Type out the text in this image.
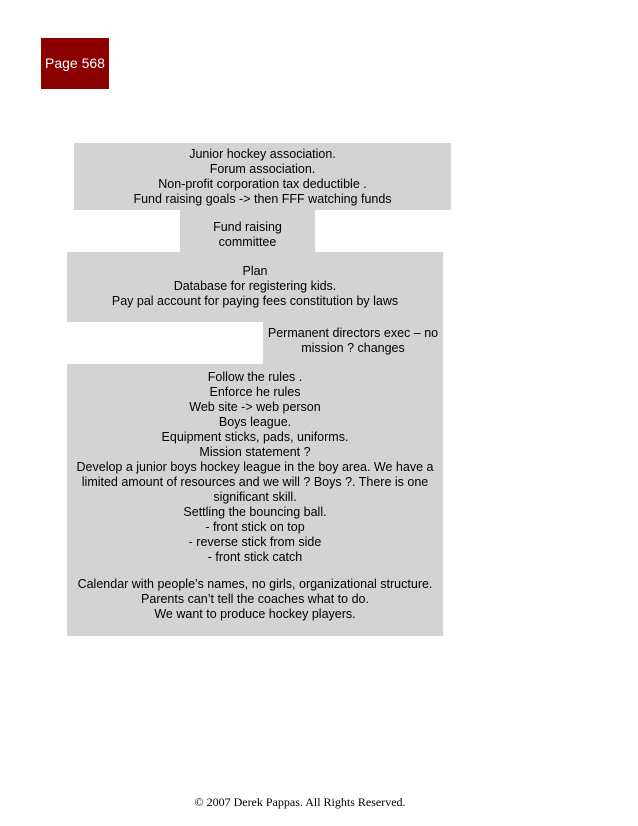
Page 568
Junior hockey association.
Forum association.
Non-profit corporation tax deductible .
Fund raising goals -> then FFF watching funds
Fund raising
committee
Plan
Database for registering kids.
Pay pal account for paying fees constitution by laws
Permanent directors exec – no
mission ? changes
Follow the rules .
Enforce he rules
Web site -> web person
Boys league.
Equipment sticks, pads, uniforms.
Mission statement ?
Develop a junior boys hockey league in the boy area. We have a
limited amount of resources and we will ? Boys ?. There is one
significant skill.
Settling the bouncing ball.
- front stick on top
- reverse stick from side
- front stick catch
Calendar with people’s names, no girls, organizational structure.
Parents can’t tell the coaches what to do.
We want to produce hockey players.
© 2007 Derek Pappas. All Rights Reserved.
